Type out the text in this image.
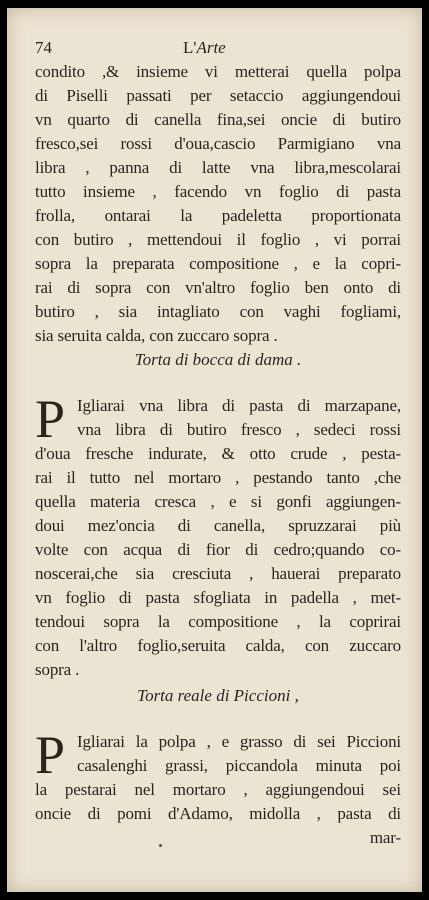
74	L'Arte
condito ,& insieme vi metterai quella polpa
di Piselli passati per setaccio aggiungendoui
vn quarto di canella fina,sei oncie di butiro
fresco,sei rossi d'oua,cascio Parmigiano vna
libra , panna di latte vna libra,mescolarai
tutto insieme , facendo vn foglio di pasta
frolla, ontarai la padeletta proportionata
con butiro , mettendoui il foglio , vi porrai
sopra la preparata compositione , e la copri-
rai di sopra con vn'altro foglio ben onto di
butiro , sia intagliato con vaghi fogliami,
sia seruita calda, con zuccaro sopra .
Torta di bocca di dama .
P Igliarai vna libra di pasta di marzapane,
vna libra di butiro fresco , sedeci rossi
d'oua fresche indurate, & otto crude , pesta-
rai il tutto nel mortaro , pestando tanto ,che
quella materia cresca , e si gonfi aggiungen-
doui mez'oncia di canella, spruzzarai più
volte con acqua di fior di cedro;quando co-
noscerai,che sia cresciuta , hauerai preparato
vn foglio di pasta sfogliata in padella , met-
tendoui sopra la compositione , la coprirai
con l'altro foglio,seruita calda, con zuccaro
sopra .
Torta reale di Piccioni ,
P Igliarai la polpa , e grasso di sei Piccioni
casalenghi grassi, piccandola minuta poi
la pestarai nel mortaro , aggiungendoui sei
oncie di pomi d'Adamo, midolla , pasta di
mar-
